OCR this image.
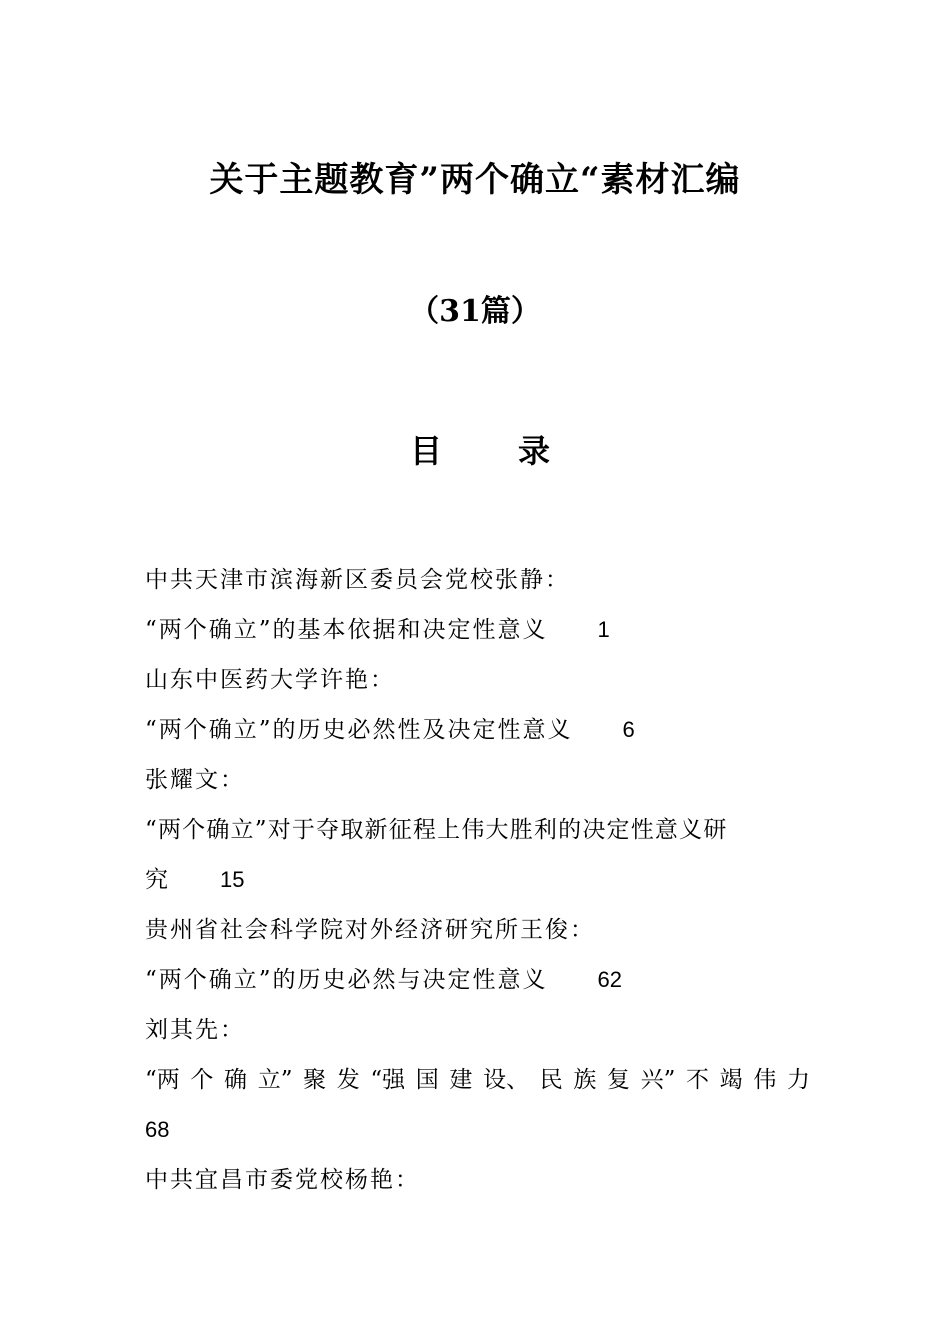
关于主题教育”两个确立“素材汇编
（31篇）
目 录
中共天津市滨海新区委员会党校张静：
“两个确立”的基本依据和决定性意义 1
山东中医药大学许艳：
“两个确立”的历史必然性及决定性意义 6
张耀文：
“两个确立”对于夺取新征程上伟大胜利的决定性意义研
究 15
贵州省社会科学院对外经济研究所王俊：
“两个确立”的历史必然与决定性意义 62
刘其先：
“两 个 确 立” 聚 发 “强 国 建 设、 民 族 复 兴” 不 竭 伟 力
68
中共宜昌市委党校杨艳：
